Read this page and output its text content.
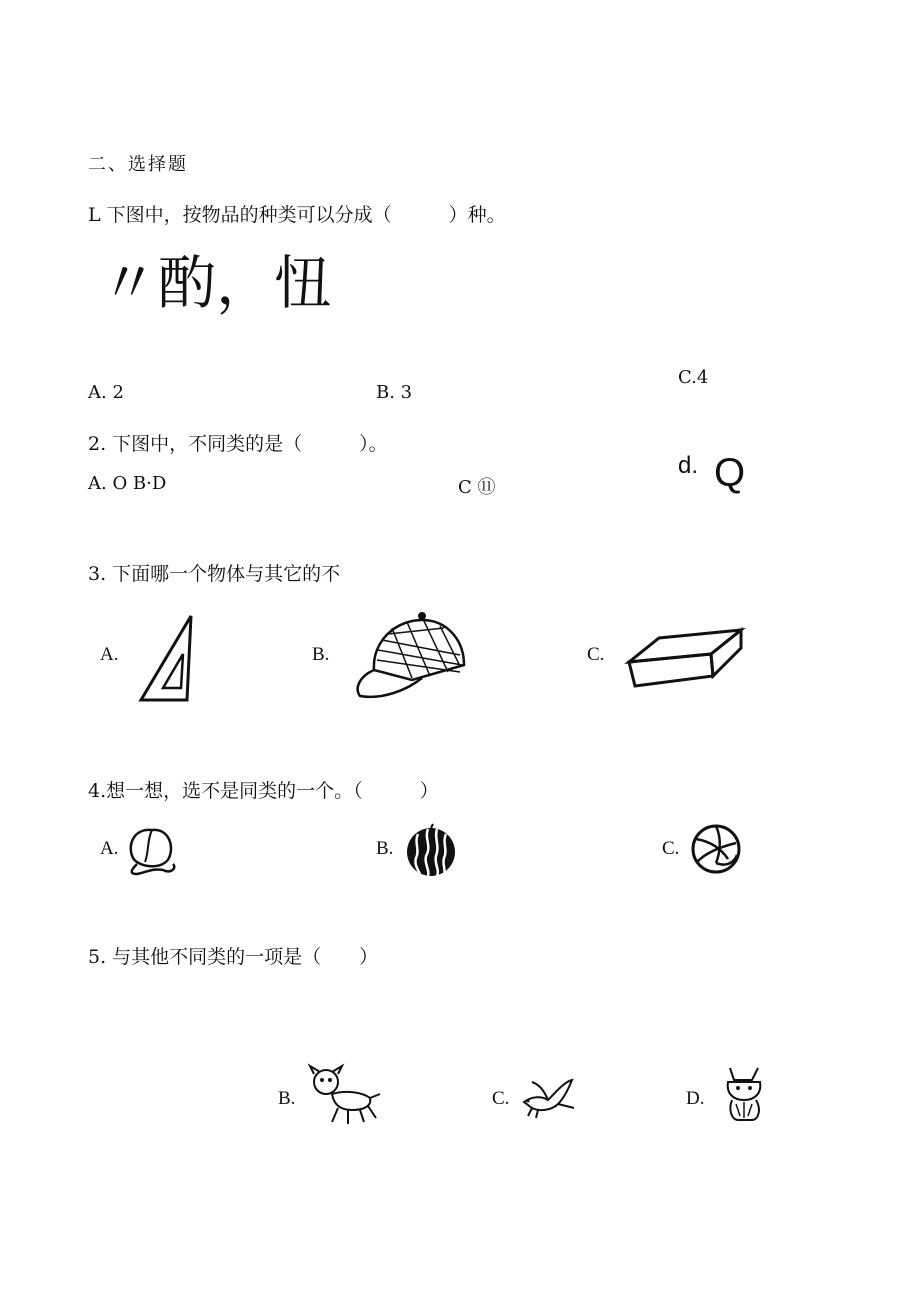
二、选择题
L 下图中，按物品的种类可以分成（　　　）种。
〃酌，忸
A. 2	B. 3
C.4
2. 下图中，不同类的是（　　　）。
A. O B·D	C ⑪
d. Q
3. 下面哪一个物体与其它的不
A.	B.	C.
4.想一想，选不是同类的一个。（　　　）
A.	B.	C.
5. 与其他不同类的一项是（　　）
B.	C.	D.
